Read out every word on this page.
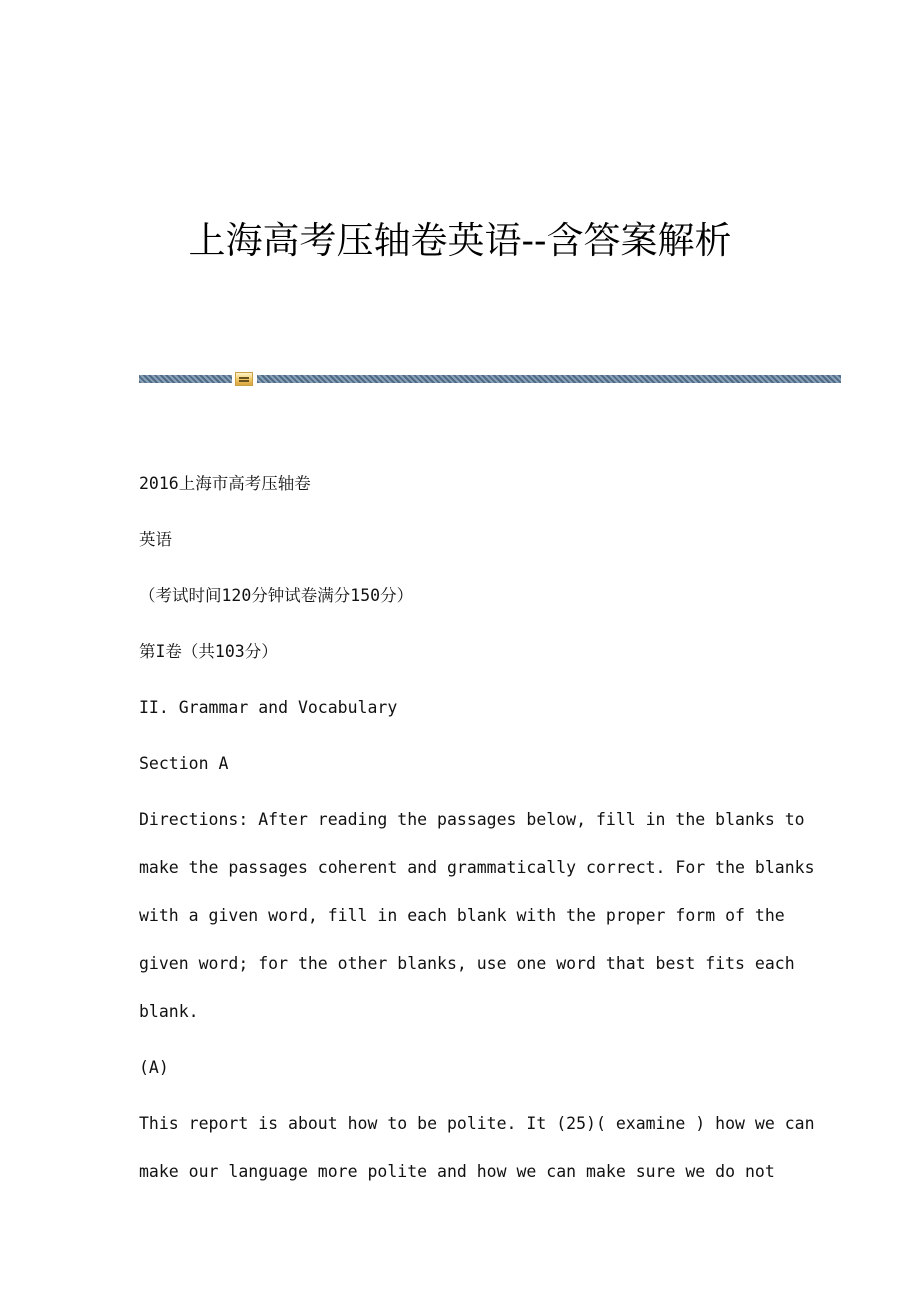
上海高考压轴卷英语--含答案解析

2016上海市高考压轴卷

英语

（考试时间120分钟试卷满分150分）

第I卷（共103分）

II. Grammar and Vocabulary

Section A

Directions: After reading the passages below, fill in the blanks to

make the passages coherent and grammatically correct. For the blanks

with a given word, fill in each blank with the proper form of the

given word; for the other blanks, use one word that best fits each

blank.

(A)

This report is about how to be polite. It (25)( examine ) how we can

make our language more polite and how we can make sure we do not
